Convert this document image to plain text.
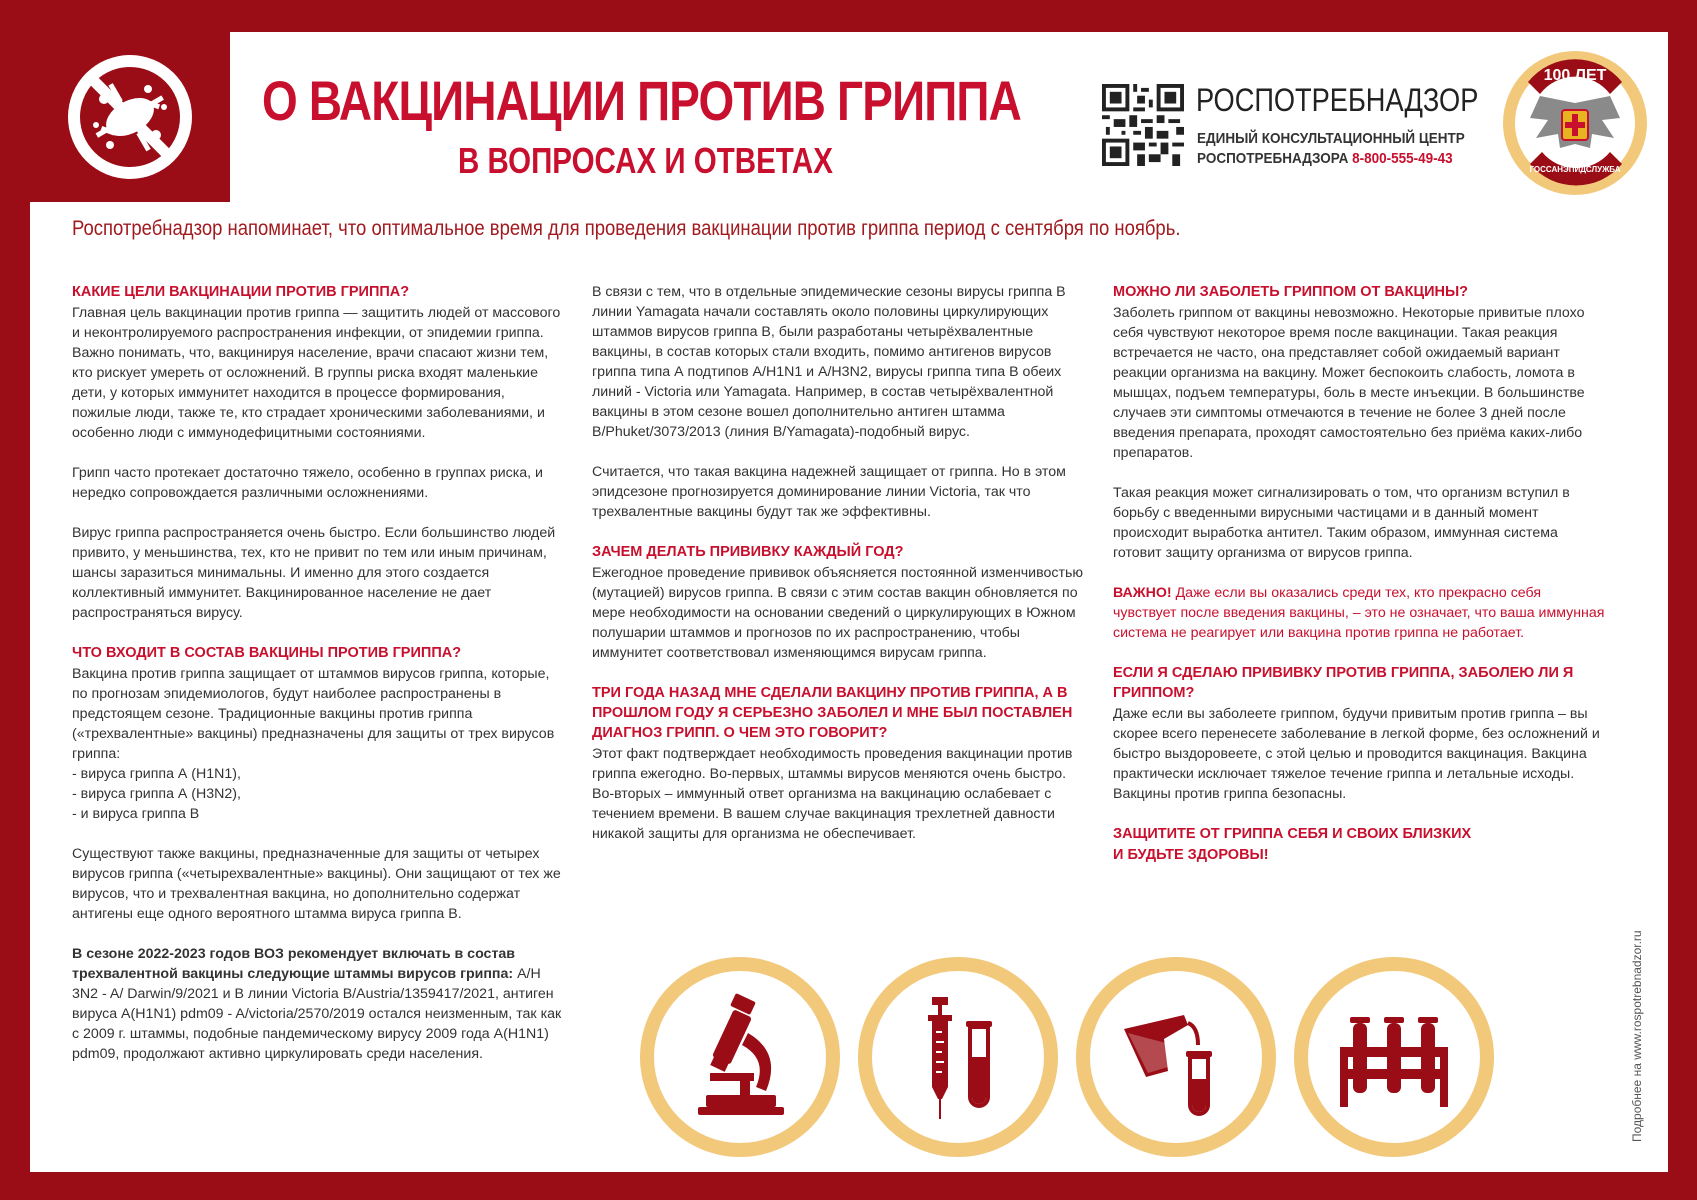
О ВАКЦИНАЦИИ ПРОТИВ ГРИППА
В ВОПРОСАХ И ОТВЕТАХ
РОСПОТРЕБНАДЗОР
ЕДИНЫЙ КОНСУЛЬТАЦИОННЫЙ ЦЕНТР
РОСПОТРЕБНАДЗОРА 8-800-555-49-43
100 ЛЕТ
ГОССАНЭПИДСЛУЖБА
Роспотребнадзор напоминает, что оптимальное время для проведения вакцинации против гриппа период с сентября по ноябрь.
КАКИЕ ЦЕЛИ ВАКЦИНАЦИИ ПРОТИВ ГРИППА?
Главная цель вакцинации против гриппа — защитить людей от массового и неконтролируемого распространения инфекции, от эпидемии гриппа. Важно понимать, что, вакцинируя население, врачи спасают жизни тем, кто рискует умереть от осложнений. В группы риска входят маленькие дети, у которых иммунитет находится в процессе формирования, пожилые люди, также те, кто страдает хроническими заболеваниями, и особенно люди с иммунодефицитными состояниями.
Грипп часто протекает достаточно тяжело, особенно в группах риска, и нередко сопровождается различными осложнениями.
Вирус гриппа распространяется очень быстро. Если большинство людей привито, у меньшинства, тех, кто не привит по тем или иным причинам, шансы заразиться минимальны. И именно для этого создается коллективный иммунитет. Вакцинированное население не дает распространяться вирусу.
ЧТО ВХОДИТ В СОСТАВ ВАКЦИНЫ ПРОТИВ ГРИППА?
Вакцина против гриппа защищает от штаммов вирусов гриппа, которые, по прогнозам эпидемиологов, будут наиболее распространены в предстоящем сезоне. Традиционные вакцины против гриппа («трехвалентные» вакцины) предназначены для защиты от трех вирусов гриппа:
- вируса гриппа А (H1N1),
- вируса гриппа А (H3N2),
- и вируса гриппа В
Существуют также вакцины, предназначенные для защиты от четырех вирусов гриппа («четырехвалентные» вакцины). Они защищают от тех же вирусов, что и трехвалентная вакцина, но дополнительно содержат антигены еще одного вероятного штамма вируса гриппа В.
В сезоне 2022-2023 годов ВОЗ рекомендует включать в состав трехвалентной вакцины следующие штаммы вирусов гриппа: A/H 3N2 - A/ Darwin/9/2021 и В линии Victoria B/Austria/1359417/2021, антиген вируса A(H1N1) pdm09 - A/victoria/2570/2019 остался неизменным, так как с 2009 г. штаммы, подобные пандемическому вирусу 2009 года A(H1N1) pdm09, продолжают активно циркулировать среди населения.
В связи с тем, что в отдельные эпидемические сезоны вирусы гриппа В линии Yamagata начали составлять около половины циркулирующих штаммов вирусов гриппа В, были разработаны четырёхвалентные вакцины, в состав которых стали входить, помимо антигенов вирусов гриппа типа А подтипов A/H1N1 и A/H3N2, вирусы гриппа типа В обеих линий - Victoria или Yamagata. Например, в состав четырёхвалентной вакцины в этом сезоне вошел дополнительно антиген штамма B/Phuket/3073/2013 (линия B/Yamagata)-подобный вирус.
Считается, что такая вакцина надежней защищает от гриппа. Но в этом эпидсезоне прогнозируется доминирование линии Victoria, так что трехвалентные вакцины будут так же эффективны.
ЗАЧЕМ ДЕЛАТЬ ПРИВИВКУ КАЖДЫЙ ГОД?
Ежегодное проведение прививок объясняется постоянной изменчивостью (мутацией) вирусов гриппа. В связи с этим состав вакцин обновляется по мере необходимости на основании сведений о циркулирующих в Южном полушарии штаммов и прогнозов по их распространению, чтобы иммунитет соответствовал изменяющимся вирусам гриппа.
ТРИ ГОДА НАЗАД МНЕ СДЕЛАЛИ ВАКЦИНУ ПРОТИВ ГРИППА, А В ПРОШЛОМ ГОДУ Я СЕРЬЕЗНО ЗАБОЛЕЛ И МНЕ БЫЛ ПОСТАВЛЕН ДИАГНОЗ ГРИПП. О ЧЕМ ЭТО ГОВОРИТ?
Этот факт подтверждает необходимость проведения вакцинации против гриппа ежегодно. Во-первых, штаммы вирусов меняются очень быстро. Во-вторых – иммунный ответ организма на вакцинацию ослабевает с течением времени. В вашем случае вакцинация трехлетней давности никакой защиты для организма не обеспечивает.
МОЖНО ЛИ ЗАБОЛЕТЬ ГРИППОМ ОТ ВАКЦИНЫ?
Заболеть гриппом от вакцины невозможно. Некоторые привитые плохо себя чувствуют некоторое время после вакцинации. Такая реакция встречается не часто, она представляет собой ожидаемый вариант реакции организма на вакцину. Может беспокоить слабость, ломота в мышцах, подъем температуры, боль в месте инъекции. В большинстве случаев эти симптомы отмечаются в течение не более 3 дней после введения препарата, проходят самостоятельно без приёма каких-либо препаратов.
Такая реакция может сигнализировать о том, что организм вступил в борьбу с введенными вирусными частицами и в данный момент происходит выработка антител. Таким образом, иммунная система готовит защиту организма от вирусов гриппа.
ВАЖНО! Даже если вы оказались среди тех, кто прекрасно себя чувствует после введения вакцины, – это не означает, что ваша иммунная система не реагирует или вакцина против гриппа не работает.
ЕСЛИ Я СДЕЛАЮ ПРИВИВКУ ПРОТИВ ГРИППА, ЗАБОЛЕЮ ЛИ Я ГРИППОМ?
Даже если вы заболеете гриппом, будучи привитым против гриппа – вы скорее всего перенесете заболевание в легкой форме, без осложнений и быстро выздоровеете, с этой целью и проводится вакцинация. Вакцина практически исключает тяжелое течение гриппа и летальные исходы. Вакцины против гриппа безопасны.
ЗАЩИТИТЕ ОТ ГРИППА СЕБЯ И СВОИХ БЛИЗКИХ
И БУДЬТЕ ЗДОРОВЫ!
Подробнее на www.rospotrebnadzor.ru
